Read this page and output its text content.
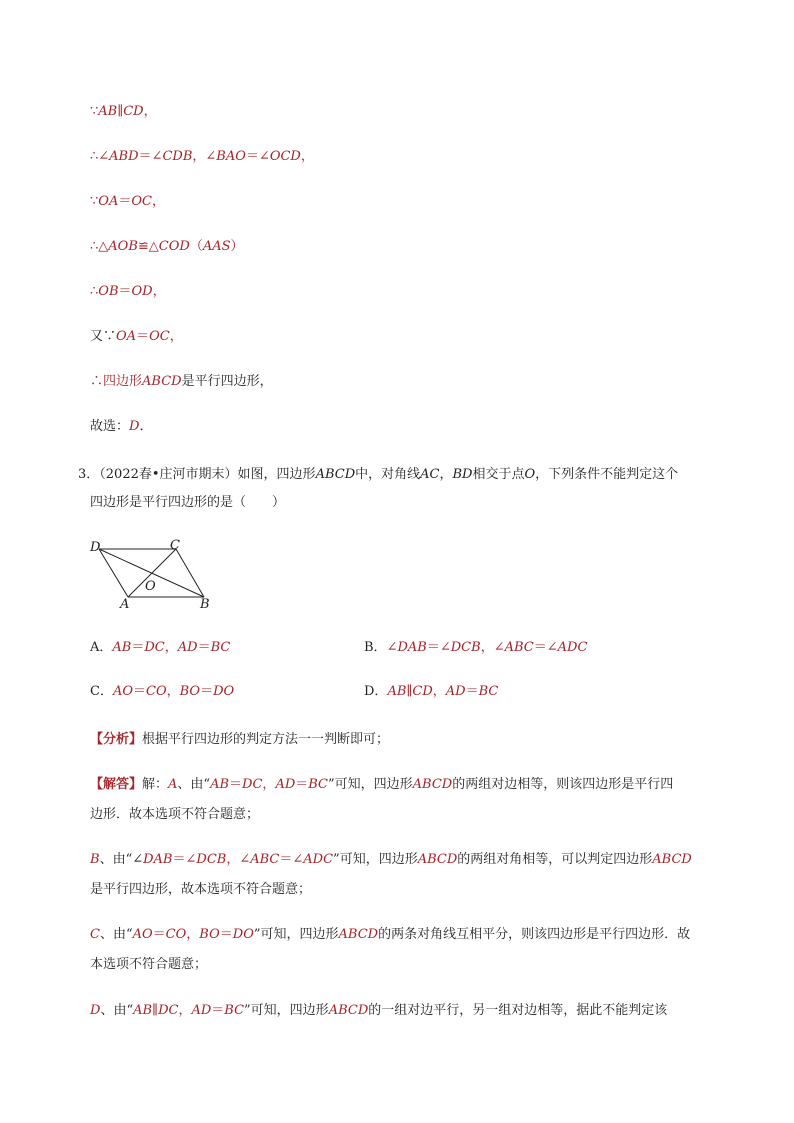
∵AB∥CD，
∴∠ABD＝∠CDB，∠BAO＝∠OCD，
∵OA＝OC，
∴△AOB≌△COD（AAS）
∴OB＝OD，
又∵OA＝OC，
∴四边形ABCD是平行四边形，
故选：D．
3．（2022春•庄河市期末）如图，四边形ABCD中，对角线AC，BD相交于点O，下列条件不能判定这个
四边形是平行四边形的是（　　）
D	C
O
A	B
A．AB＝DC，AD＝BC	B．∠DAB＝∠DCB，∠ABC＝∠ADC
C．AO＝CO，BO＝DO	D．AB∥CD，AD＝BC
【分析】根据平行四边形的判定方法一一判断即可；
【解答】解：A、由“AB＝DC，AD＝BC”可知，四边形ABCD的两组对边相等，则该四边形是平行四
边形．故本选项不符合题意；
B、由“∠DAB＝∠DCB，∠ABC＝∠ADC”可知，四边形ABCD的两组对角相等，可以判定四边形ABCD
是平行四边形，故本选项不符合题意；
C、由“AO＝CO，BO＝DO”可知，四边形ABCD的两条对角线互相平分，则该四边形是平行四边形．故
本选项不符合题意；
D、由“AB∥DC，AD＝BC”可知，四边形ABCD的一组对边平行，另一组对边相等，据此不能判定该
